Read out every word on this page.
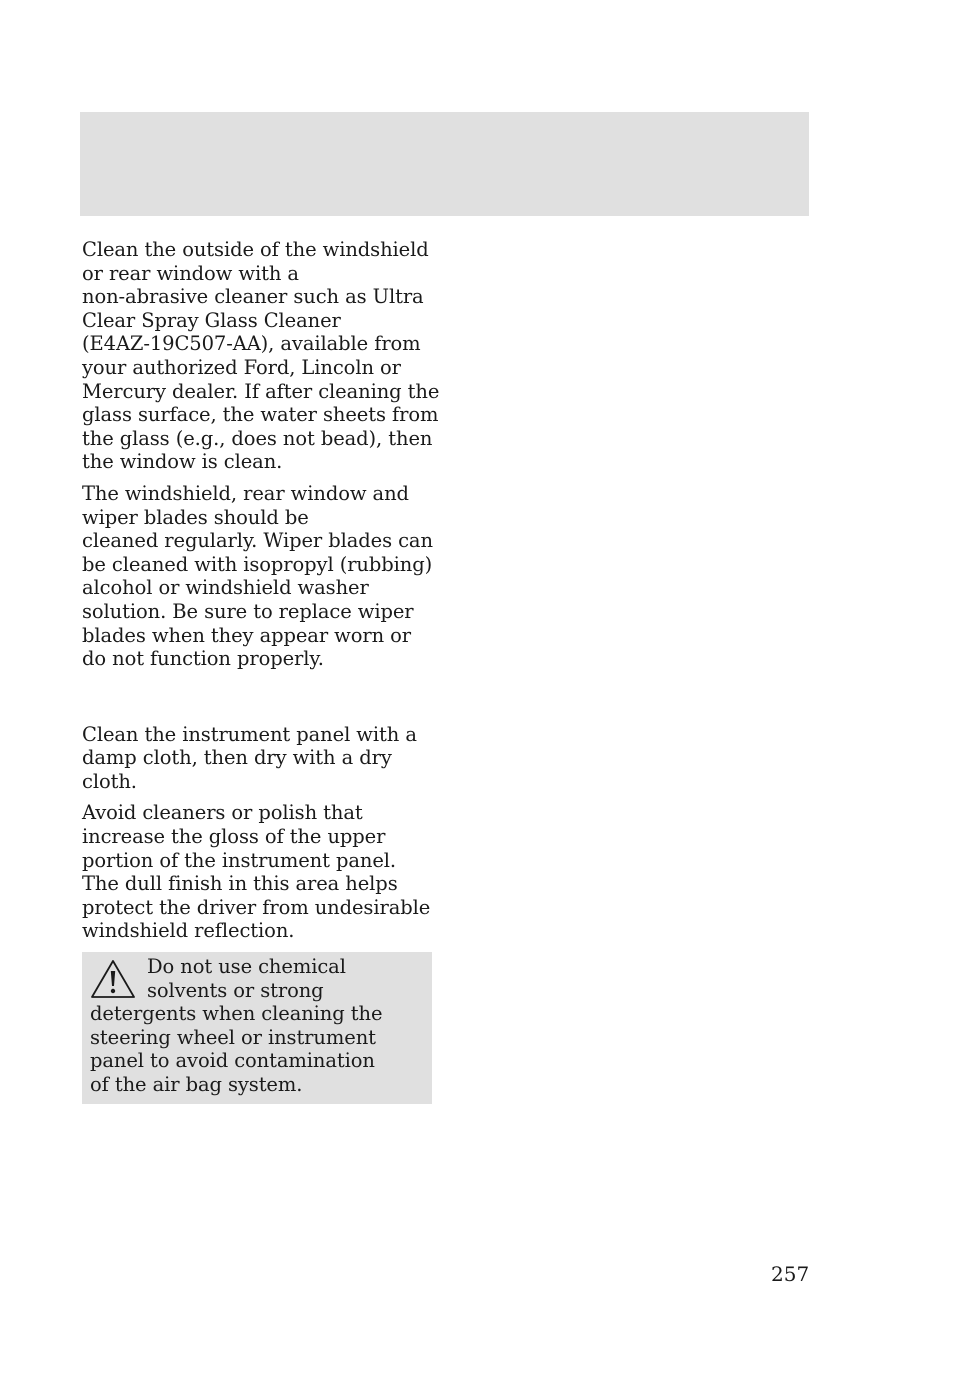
Clean the outside of the windshield
or rear window with a
non-abrasive cleaner such as Ultra
Clear Spray Glass Cleaner
(E4AZ-19C507-AA), available from
your authorized Ford, Lincoln or
Mercury dealer. If after cleaning the
glass surface, the water sheets from
the glass (e.g., does not bead), then
the window is clean.

The windshield, rear window and
wiper blades should be
cleaned regularly. Wiper blades can
be cleaned with isopropyl (rubbing)
alcohol or windshield washer
solution. Be sure to replace wiper
blades when they appear worn or
do not function properly.

Clean the instrument panel with a
damp cloth, then dry with a dry
cloth.

Avoid cleaners or polish that
increase the gloss of the upper
portion of the instrument panel.
The dull finish in this area helps
protect the driver from undesirable
windshield reflection.

Do not use chemical
solvents or strong
detergents when cleaning the
steering wheel or instrument
panel to avoid contamination
of the air bag system.
257
